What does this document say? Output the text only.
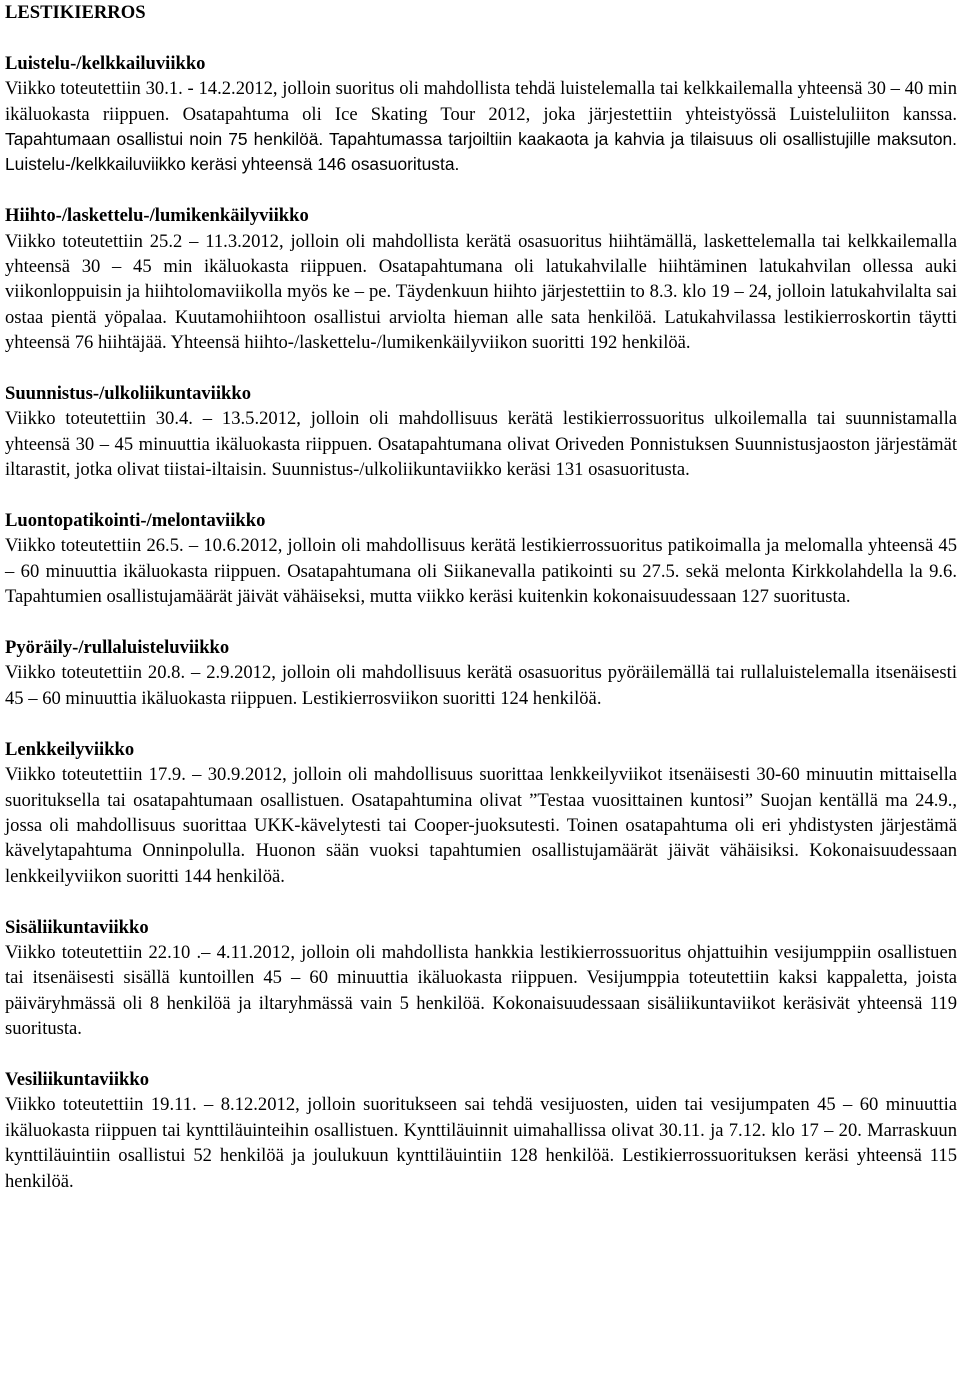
LESTIKIERROS
Luistelu-/kelkkailuviikko

Viikko toteutettiin 30.1. - 14.2.2012, jolloin suoritus oli mahdollista tehdä luistelemalla tai kelkkailemalla yhteensä 30 – 40 min ikäluokasta riippuen. Osatapahtuma oli Ice Skating Tour 2012, joka järjestettiin yhteistyössä Luisteluliiton kanssa. Tapahtumaan osallistui noin 75 henkilöä. Tapahtumassa tarjoiltiin kaakaota ja kahvia ja tilaisuus oli osallistujille maksuton. Luistelu-/kelkkailuviikko keräsi yhteensä 146 osasuoritusta.

Hiihto-/laskettelu-/lumikenkäilyviikko

Viikko toteutettiin 25.2 – 11.3.2012, jolloin oli mahdollista kerätä osasuoritus hiihtämällä, laskettelemalla tai kelkkailemalla yhteensä 30 – 45 min ikäluokasta riippuen. Osatapahtumana oli latukahvilalle hiihtäminen latukahvilan ollessa auki viikonloppuisin ja hiihtolomaviikolla myös ke – pe. Täydenkuun hiihto järjestettiin to 8.3. klo 19 – 24, jolloin latukahvilalta sai ostaa pientä yöpalaa. Kuutamohiihtoon osallistui arviolta hieman alle sata henkilöä. Latukahvilassa lestikierroskortin täytti yhteensä 76 hiihtäjää. Yhteensä hiihto-/laskettelu-/lumikenkäilyviikon suoritti 192 henkilöä.

Suunnistus-/ulkoliikuntaviikko

Viikko toteutettiin 30.4. – 13.5.2012, jolloin oli mahdollisuus kerätä lestikierrossuoritus ulkoilemalla tai suunnistamalla yhteensä 30 – 45 minuuttia ikäluokasta riippuen. Osatapahtumana olivat Oriveden Ponnistuksen Suunnistusjaoston järjestämät iltarastit, jotka olivat tiistai-iltaisin. Suunnistus-/ulkoliikuntaviikko keräsi 131 osasuoritusta.

Luontopatikointi-/melontaviikko

Viikko toteutettiin 26.5. – 10.6.2012, jolloin oli mahdollisuus kerätä lestikierrossuoritus patikoimalla ja melomalla yhteensä 45 – 60 minuuttia ikäluokasta riippuen. Osatapahtumana oli Siikanevalla patikointi su 27.5. sekä melonta Kirkkolahdella la 9.6. Tapahtumien osallistujamäärät jäivät vähäiseksi, mutta viikko keräsi kuitenkin kokonaisuudessaan 127 suoritusta.

Pyöräily-/rullaluisteluviikko

Viikko toteutettiin 20.8. – 2.9.2012, jolloin oli mahdollisuus kerätä osasuoritus pyöräilemällä tai rullaluistelemalla itsenäisesti 45 – 60 minuuttia ikäluokasta riippuen. Lestikierrosviikon suoritti 124 henkilöä.

Lenkkeilyviikko

Viikko toteutettiin 17.9. – 30.9.2012, jolloin oli mahdollisuus suorittaa lenkkeilyviikot itsenäisesti 30-60 minuutin mittaisella suorituksella tai osatapahtumaan osallistuen. Osatapahtumina olivat ”Testaa vuosittainen kuntosi” Suojan kentällä ma 24.9., jossa oli mahdollisuus suorittaa UKK-kävelytesti tai Cooper-juoksutesti. Toinen osatapahtuma oli eri yhdistysten järjestämä kävelytapahtuma Onninpolulla. Huonon sään vuoksi tapahtumien osallistujamäärät jäivät vähäisiksi. Kokonaisuudessaan lenkkeilyviikon suoritti 144 henkilöä.

Sisäliikuntaviikko

Viikko toteutettiin 22.10 .– 4.11.2012, jolloin oli mahdollista hankkia lestikierrossuoritus ohjattuihin vesijumppiin osallistuen tai itsenäisesti sisällä kuntoillen 45 – 60 minuuttia ikäluokasta riippuen. Vesijumppia toteutettiin kaksi kappaletta, joista päiväryhmässä oli 8 henkilöä ja iltaryhmässä vain 5 henkilöä. Kokonaisuudessaan sisäliikuntaviikot keräsivät yhteensä 119 suoritusta.

Vesiliikuntaviikko

Viikko toteutettiin 19.11. – 8.12.2012, jolloin suoritukseen sai tehdä vesijuosten, uiden tai vesijumpaten 45 – 60 minuuttia ikäluokasta riippuen tai kynttiläuinteihin osallistuen. Kynttiläuinnit uimahallissa olivat 30.11. ja 7.12. klo 17 – 20. Marraskuun kynttiläuintiin osallistui 52 henkilöä ja joulukuun kynttiläuintiin 128 henkilöä. Lestikierrossuorituksen keräsi yhteensä 115 henkilöä.
